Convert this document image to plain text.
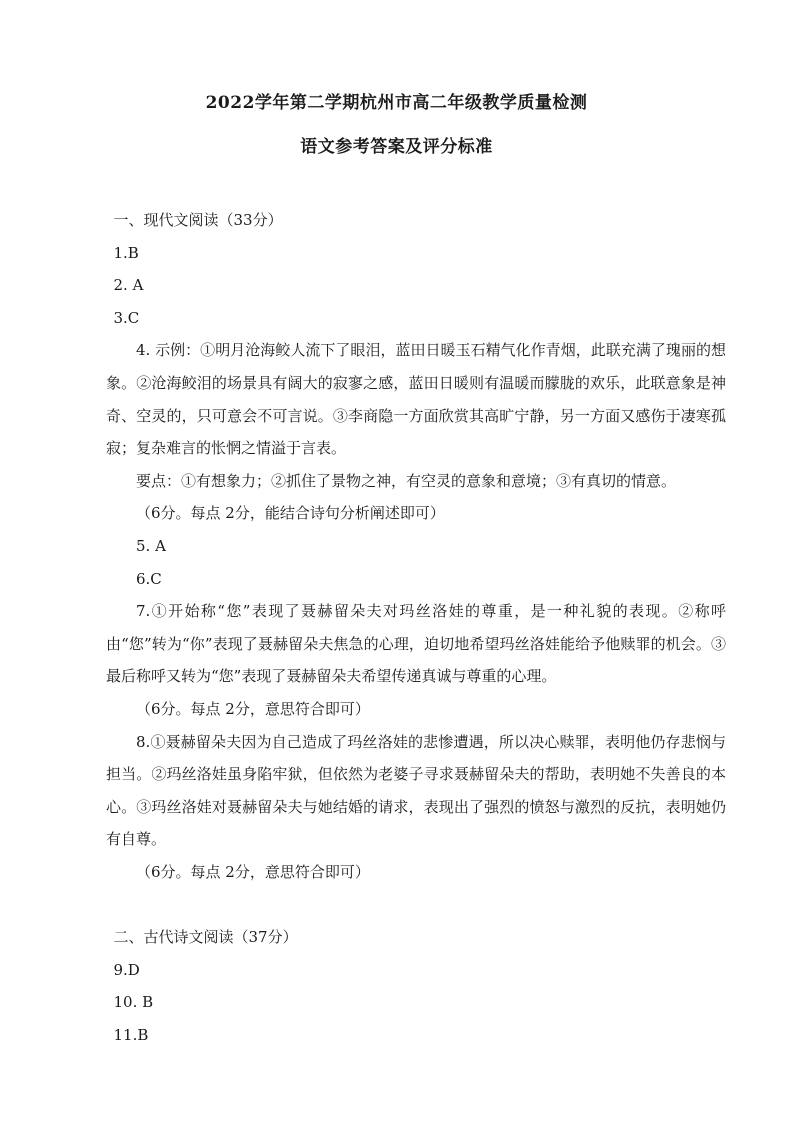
2022学年第二学期杭州市高二年级教学质量检测
语文参考答案及评分标准
一、现代文阅读（33分）
1.B
2. A
3.C

4. 示例：①明月沧海鲛人流下了眼泪，蓝田日暖玉石精气化作青烟，此联充满了瑰丽的想象。②沧海鲛泪的场景具有阔大的寂寥之感，蓝田日暖则有温暖而朦胧的欢乐，此联意象是神奇、空灵的，只可意会不可言说。③李商隐一方面欣赏其高旷宁静，另一方面又感伤于凄寒孤寂；复杂难言的怅惘之情溢于言表。

要点：①有想象力；②抓住了景物之神，有空灵的意象和意境；③有真切的情意。
（6分。每点 2分，能结合诗句分析阐述即可）
5. A
6.C

7.①开始称“您”表现了聂赫留朵夫对玛丝洛娃的尊重，是一种礼貌的表现。②称呼由“您”转为“你”表现了聂赫留朵夫焦急的心理，迫切地希望玛丝洛娃能给予他赎罪的机会。③最后称呼又转为“您”表现了聂赫留朵夫希望传递真诚与尊重的心理。

（6分。每点 2分，意思符合即可）

8.①聂赫留朵夫因为自己造成了玛丝洛娃的悲惨遭遇，所以决心赎罪，表明他仍存悲悯与担当。②玛丝洛娃虽身陷牢狱，但依然为老婆子寻求聂赫留朵夫的帮助，表明她不失善良的本心。③玛丝洛娃对聂赫留朵夫与她结婚的请求，表现出了强烈的愤怒与激烈的反抗，表明她仍有自尊。

（6分。每点 2分，意思符合即可）
二、古代诗文阅读（37分）
9.D
10. B
11.B
